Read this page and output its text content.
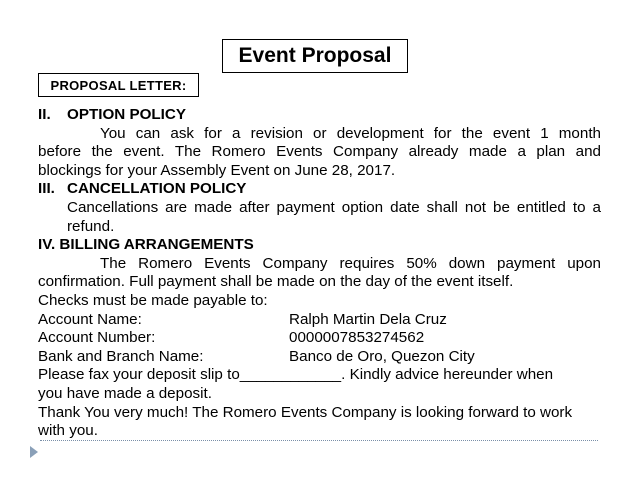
Event Proposal
PROPOSAL LETTER:
II.	OPTION POLICY
You can ask for a revision or development for the event 1 month
before the event. The Romero Events Company already made a plan and
blockings for your Assembly Event on June 28, 2017.
III. CANCELLATION POLICY
Cancellations are made after payment option date shall not be entitled to a
refund.
IV. BILLING ARRANGEMENTS
The Romero Events Company requires 50% down payment upon
confirmation. Full payment shall be made on the day of the event itself.
Checks must be made payable to:
Account Name:	Ralph Martin Dela Cruz
Account Number:	0000007853274562
Bank and Branch Name:	Banco de Oro, Quezon City
Please fax your deposit slip to____________. Kindly advice hereunder when
you have made a deposit.
Thank You very much! The Romero Events Company is looking forward to work
with you.
